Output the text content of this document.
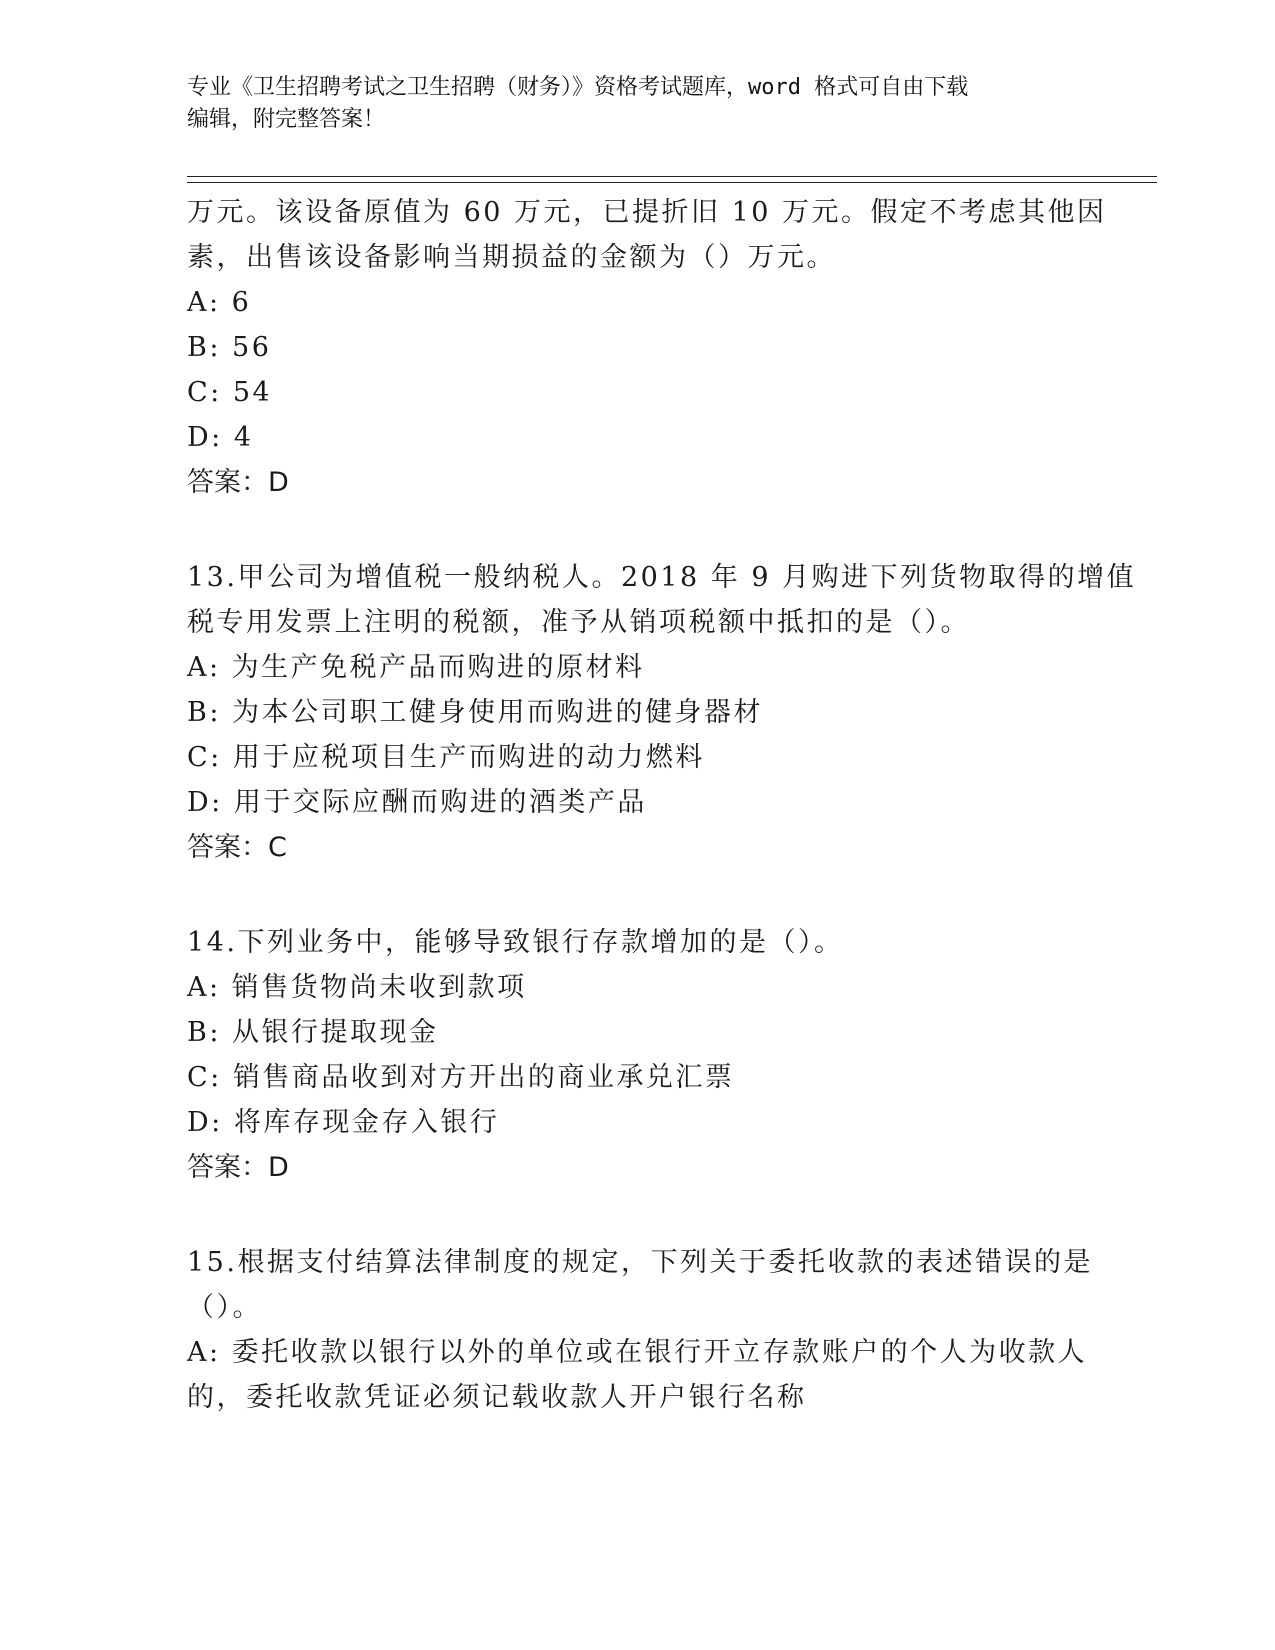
专业《卫生招聘考试之卫生招聘（财务）》资格考试题库，word 格式可自由下载
编辑，附完整答案！
万元。该设备原值为 60 万元，已提折旧 10 万元。假定不考虑其他因
素，出售该设备影响当期损益的金额为（）万元。
A: 6
B: 56
C: 54
D: 4
答案：D
13.甲公司为增值税一般纳税人。2018 年 9 月购进下列货物取得的增值
税专用发票上注明的税额，准予从销项税额中抵扣的是（）。
A: 为生产免税产品而购进的原材料
B: 为本公司职工健身使用而购进的健身器材
C: 用于应税项目生产而购进的动力燃料
D: 用于交际应酬而购进的酒类产品
答案：C
14.下列业务中，能够导致银行存款增加的是（）。
A: 销售货物尚未收到款项
B: 从银行提取现金
C: 销售商品收到对方开出的商业承兑汇票
D: 将库存现金存入银行
答案：D
15.根据支付结算法律制度的规定，下列关于委托收款的表述错误的是
（）。
A: 委托收款以银行以外的单位或在银行开立存款账户的个人为收款人
的，委托收款凭证必须记载收款人开户银行名称
